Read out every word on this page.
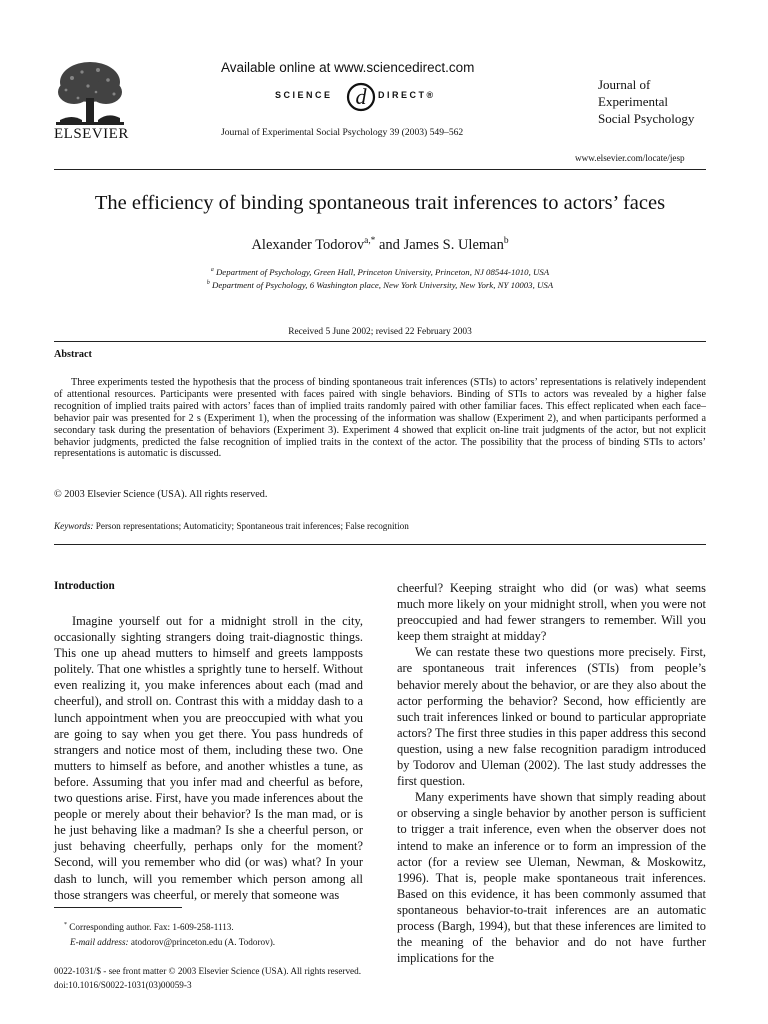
ELSEVIER
Available online at www.sciencedirect.com
SCIENCE d DIRECT®
Journal of Experimental Social Psychology 39 (2003) 549–562
Journal of
Experimental
Social Psychology
www.elsevier.com/locate/jesp
The efficiency of binding spontaneous trait inferences to actors’ faces
Alexander Todorov$^{a,*}$ and James S. Uleman$^b$
$^a$ Department of Psychology, Green Hall, Princeton University, Princeton, NJ 08544-1010, USA
$^b$ Department of Psychology, 6 Washington place, New York University, New York, NY 10003, USA
Received 5 June 2002; revised 22 February 2003
Abstract
Three experiments tested the hypothesis that the process of binding spontaneous trait inferences (STIs) to actors’ representations is relatively independent of attentional resources. Participants were presented with faces paired with single behaviors. Binding of STIs to actors was revealed by a higher false recognition of implied traits paired with actors’ faces than of implied traits randomly paired with other familiar faces. This effect replicated when each face–behavior pair was presented for 2 s (Experiment 1), when the processing of the information was shallow (Experiment 2), and when participants performed a secondary task during the presentation of behaviors (Experiment 3). Experiment 4 showed that explicit on-line trait judgments of the actor, but not explicit behavior judgments, predicted the false recognition of implied traits in the context of the actor. The possibility that the process of binding STIs to actors’ representations is automatic is discussed.
© 2003 Elsevier Science (USA). All rights reserved.
Keywords: Person representations; Automaticity; Spontaneous trait inferences; False recognition
Introduction

Imagine yourself out for a midnight stroll in the city, occasionally sighting strangers doing trait-diagnostic things. This one up ahead mutters to himself and greets lampposts politely. That one whistles a sprightly tune to herself. Without even realizing it, you make inferences about each (mad and cheerful), and stroll on. Contrast this with a midday dash to a lunch appointment when you are preoccupied with what you are going to say when you get there. You pass hundreds of strangers and notice most of them, including these two. One mutters to himself as before, and another whistles a tune, as before. Assuming that you infer mad and cheerful as before, two questions arise. First, have you made inferences about the people or merely about their behavior? Is the man mad, or is he just behaving like a madman? Is she a cheerful person, or just behaving cheerfully, perhaps only for the moment? Second, will you remember who did (or was) what? In your dash to lunch, will you remember which person among all those strangers was cheerful, or merely that someone was

cheerful? Keeping straight who did (or was) what seems much more likely on your midnight stroll, when you were not preoccupied and had fewer strangers to remember. Will you keep them straight at midday?

We can restate these two questions more precisely. First, are spontaneous trait inferences (STIs) from people’s behavior merely about the behavior, or are they also about the actor performing the behavior? Second, how efficiently are such trait inferences linked or bound to particular appropriate actors? The first three studies in this paper address this second question, using a new false recognition paradigm introduced by Todorov and Uleman (2002). The last study addresses the first question.

Many experiments have shown that simply reading about or observing a single behavior by another person is sufficient to trigger a trait inference, even when the observer does not intend to make an inference or to form an impression of the actor (for a review see Uleman, Newman, & Moskowitz, 1996). That is, people make spontaneous trait inferences. Based on this evidence, it has been commonly assumed that spontaneous behavior-to-trait inferences are an automatic process (Bargh, 1994), but that these inferences are limited to the meaning of the behavior and do not have further implications for the

* Corresponding author. Fax: 1-609-258-1113.
E-mail address: atodorov@princeton.edu (A. Todorov).
0022-1031/$ - see front matter © 2003 Elsevier Science (USA). All rights reserved.
doi:10.1016/S0022-1031(03)00059-3
